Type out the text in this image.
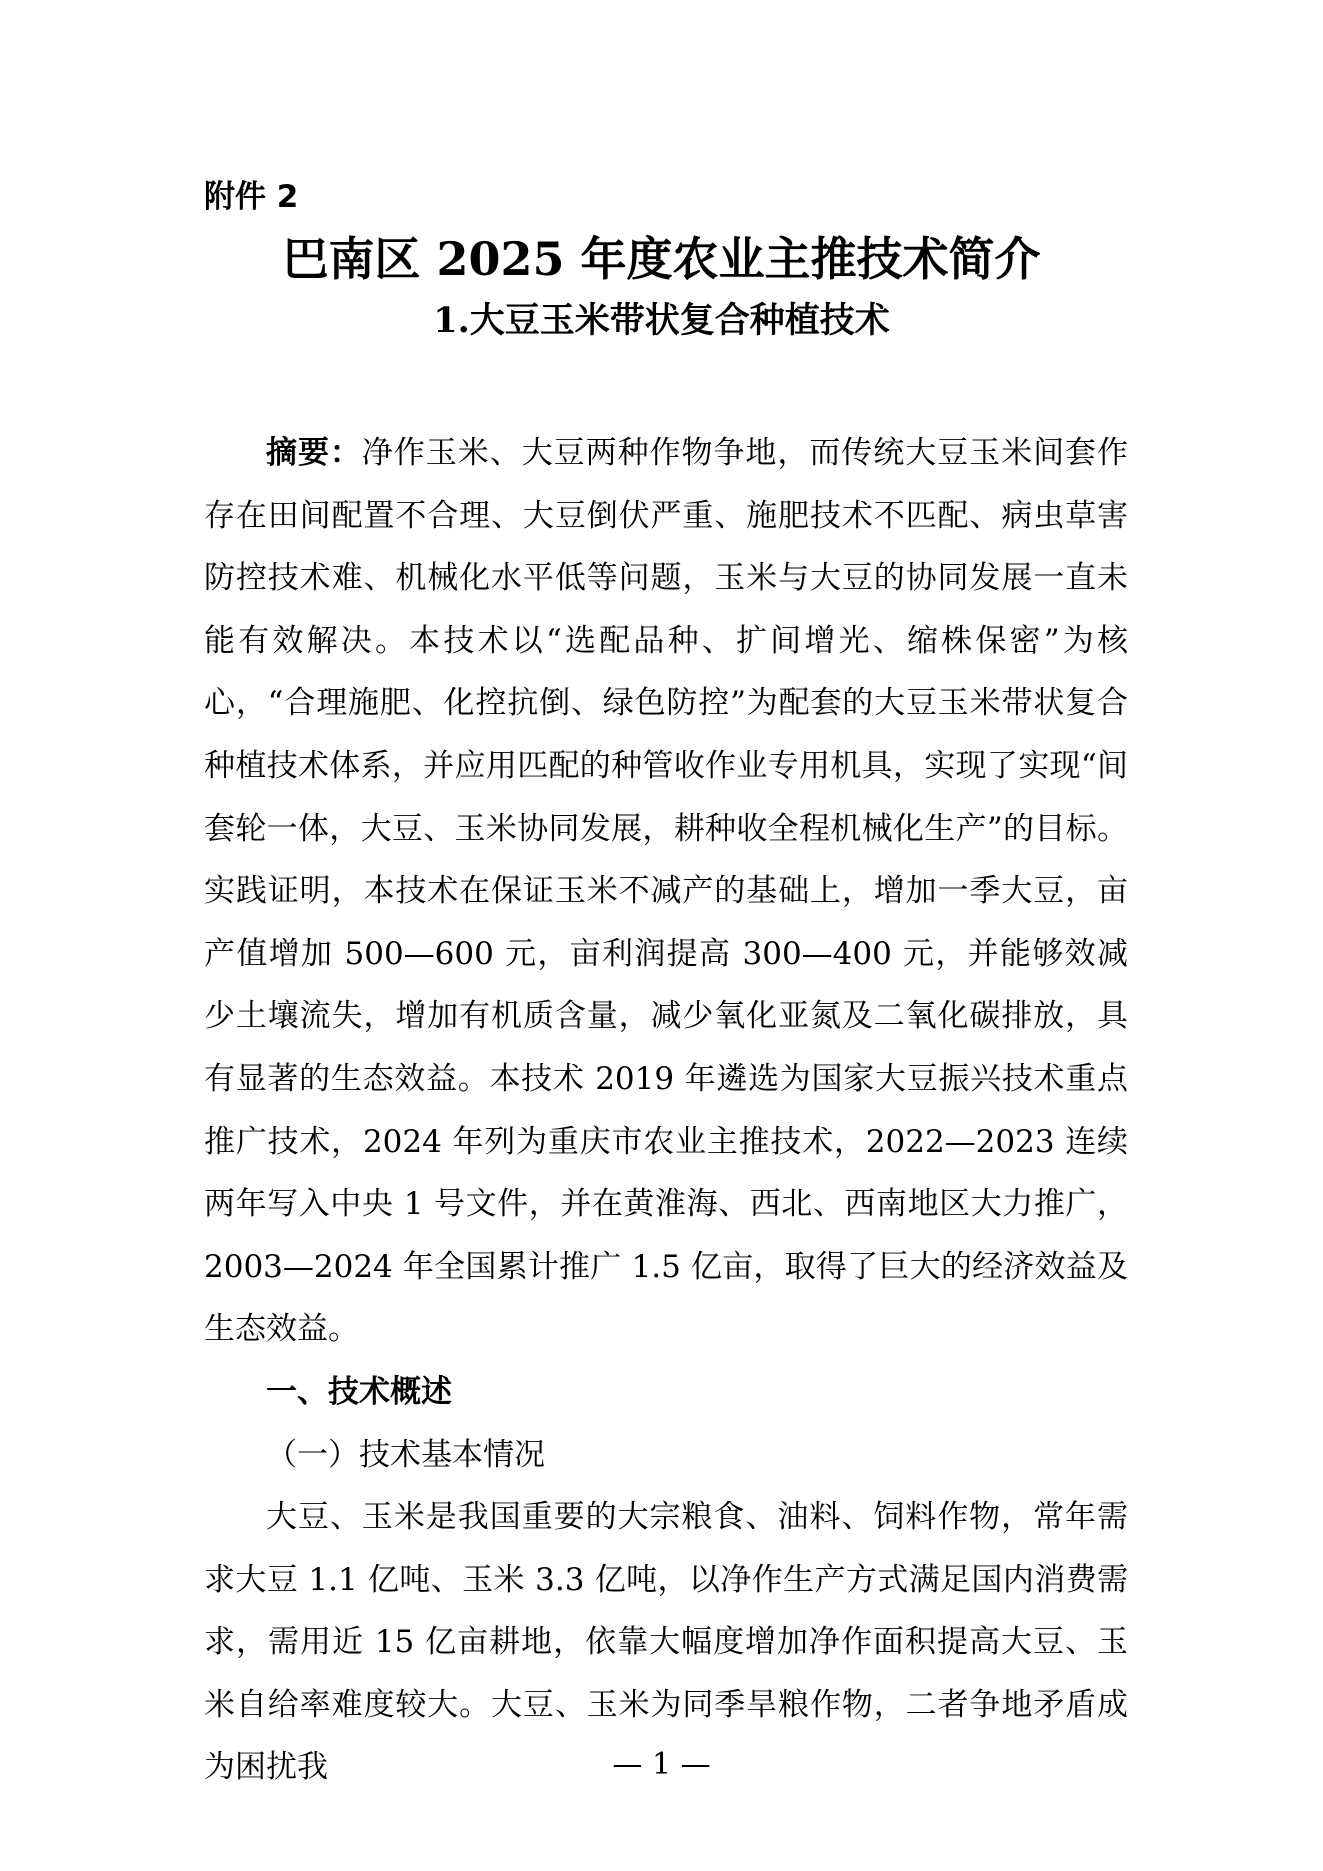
附件 2
巴南区 2025 年度农业主推技术简介
1.大豆玉米带状复合种植技术

摘要：净作玉米、大豆两种作物争地，而传统大豆玉米间套作存在田间配置不合理、大豆倒伏严重、施肥技术不匹配、病虫草害防控技术难、机械化水平低等问题，玉米与大豆的协同发展一直未能有效解决。本技术以“选配品种、扩间增光、缩株保密”为核心，“合理施肥、化控抗倒、绿色防控”为配套的大豆玉米带状复合种植技术体系，并应用匹配的种管收作业专用机具，实现了实现“间套轮一体，大豆、玉米协同发展，耕种收全程机械化生产”的目标。实践证明，本技术在保证玉米不减产的基础上，增加一季大豆，亩产值增加 500—600 元，亩利润提高 300—400 元，并能够效减少土壤流失，增加有机质含量，减少氧化亚氮及二氧化碳排放，具有显著的生态效益。本技术 2019 年遴选为国家大豆振兴技术重点推广技术，2024 年列为重庆市农业主推技术，2022—2023 连续两年写入中央 1 号文件，并在黄淮海、西北、西南地区大力推广，2003—2024 年全国累计推广 1.5 亿亩，取得了巨大的经济效益及生态效益。

一、技术概述

（一）技术基本情况

大豆、玉米是我国重要的大宗粮食、油料、饲料作物，常年需求大豆 1.1 亿吨、玉米 3.3 亿吨，以净作生产方式满足国内消费需求，需用近 15 亿亩耕地，依靠大幅度增加净作面积提高大豆、玉米自给率难度较大。大豆、玉米为同季旱粮作物，二者争地矛盾成为困扰我	— 1 —
